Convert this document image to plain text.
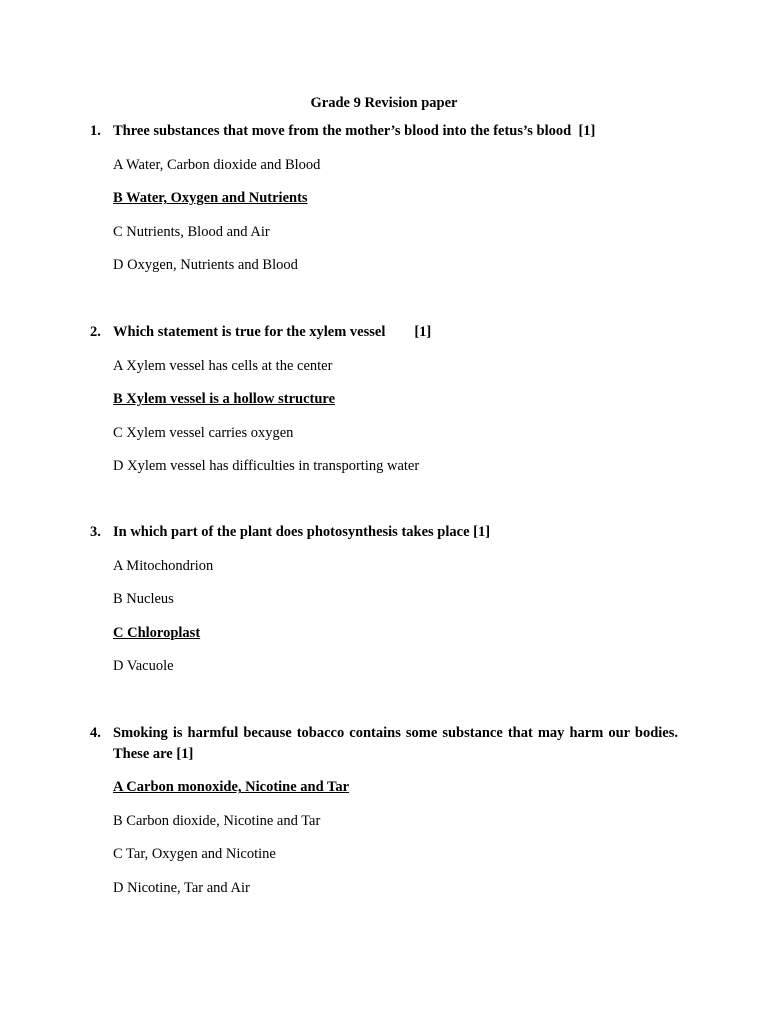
Grade 9 Revision paper
1. Three substances that move from the mother’s blood into the fetus’s blood  [1]
A Water, Carbon dioxide and Blood
B Water, Oxygen and Nutrients
C Nutrients, Blood and Air
D Oxygen, Nutrients and Blood
2. Which statement is true for the xylem vessel        [1]
A Xylem vessel has cells at the center
B Xylem vessel is a hollow structure
C Xylem vessel carries oxygen
D Xylem vessel has difficulties in transporting water
3. In which part of the plant does photosynthesis takes place [1]
A Mitochondrion
B Nucleus
C Chloroplast
D Vacuole
4. Smoking is harmful because tobacco contains some substance that may harm our bodies. These are [1]
A Carbon monoxide, Nicotine and Tar
B Carbon dioxide, Nicotine and Tar
C Tar, Oxygen and Nicotine
D Nicotine, Tar and Air
